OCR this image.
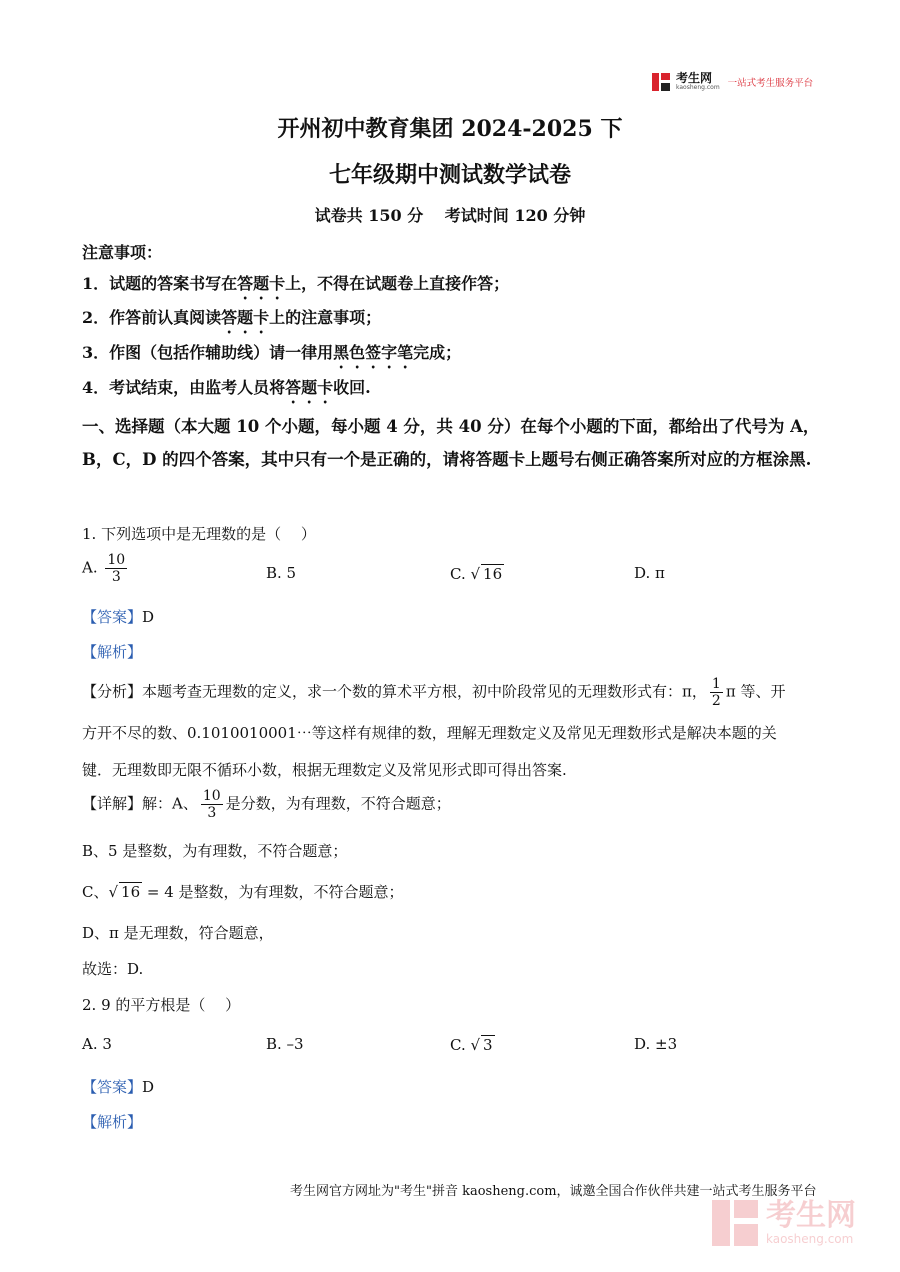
考生网
kaosheng.com 一站式考生服务平台
开州初中教育集团 2024-2025 下
七年级期中测试数学试卷
试卷共 150 分　 考试时间 120 分钟
注意事项：
1．试题的答案书写在答题卡上，不得在试题卷上直接作答；
2．作答前认真阅读答题卡上的注意事项；
3．作图（包括作辅助线）请一律用黑色签字笔完成；
4．考试结束，由监考人员将答题卡收回.
一、选择题（本大题 10 个小题，每小题 4 分，共 40 分）在每个小题的下面，都给出了代号为 A，B，C，D 的四个答案，其中只有一个是正确的，请将答题卡上题号右侧正确答案所对应的方框涂黑.
1. 下列选项中是无理数的是（　 ）
A. $\frac{10}{3}$	B. 5	C. √ 16	D. π
【答案】D
【解析】
【分析】本题考查无理数的定义，求一个数的算术平方根，初中阶段常见的无理数形式有：π， $\frac{1}{2}$ π 等、开
方开不尽的数、0.1010010001⋯等这样有规律的数，理解无理数定义及常见无理数形式是解决本题的关
键．无理数即无限不循环小数，根据无理数定义及常见形式即可得出答案.
【详解】解：A、 $\frac{10}{3}$ 是分数，为有理数，不符合题意；
B、5 是整数，为有理数，不符合题意；
C、√ 16 = 4 是整数，为有理数，不符合题意；
D、π 是无理数，符合题意，
故选：D.
2. 9 的平方根是（　 ）
A. 3	B. –3	C. √ 3	D. ±3
【答案】D
【解析】
考生网官方网址为"考生"拼音 kaosheng.com，诚邀全国合作伙伴共建一站式考生服务平台
考生网
kaosheng.com
